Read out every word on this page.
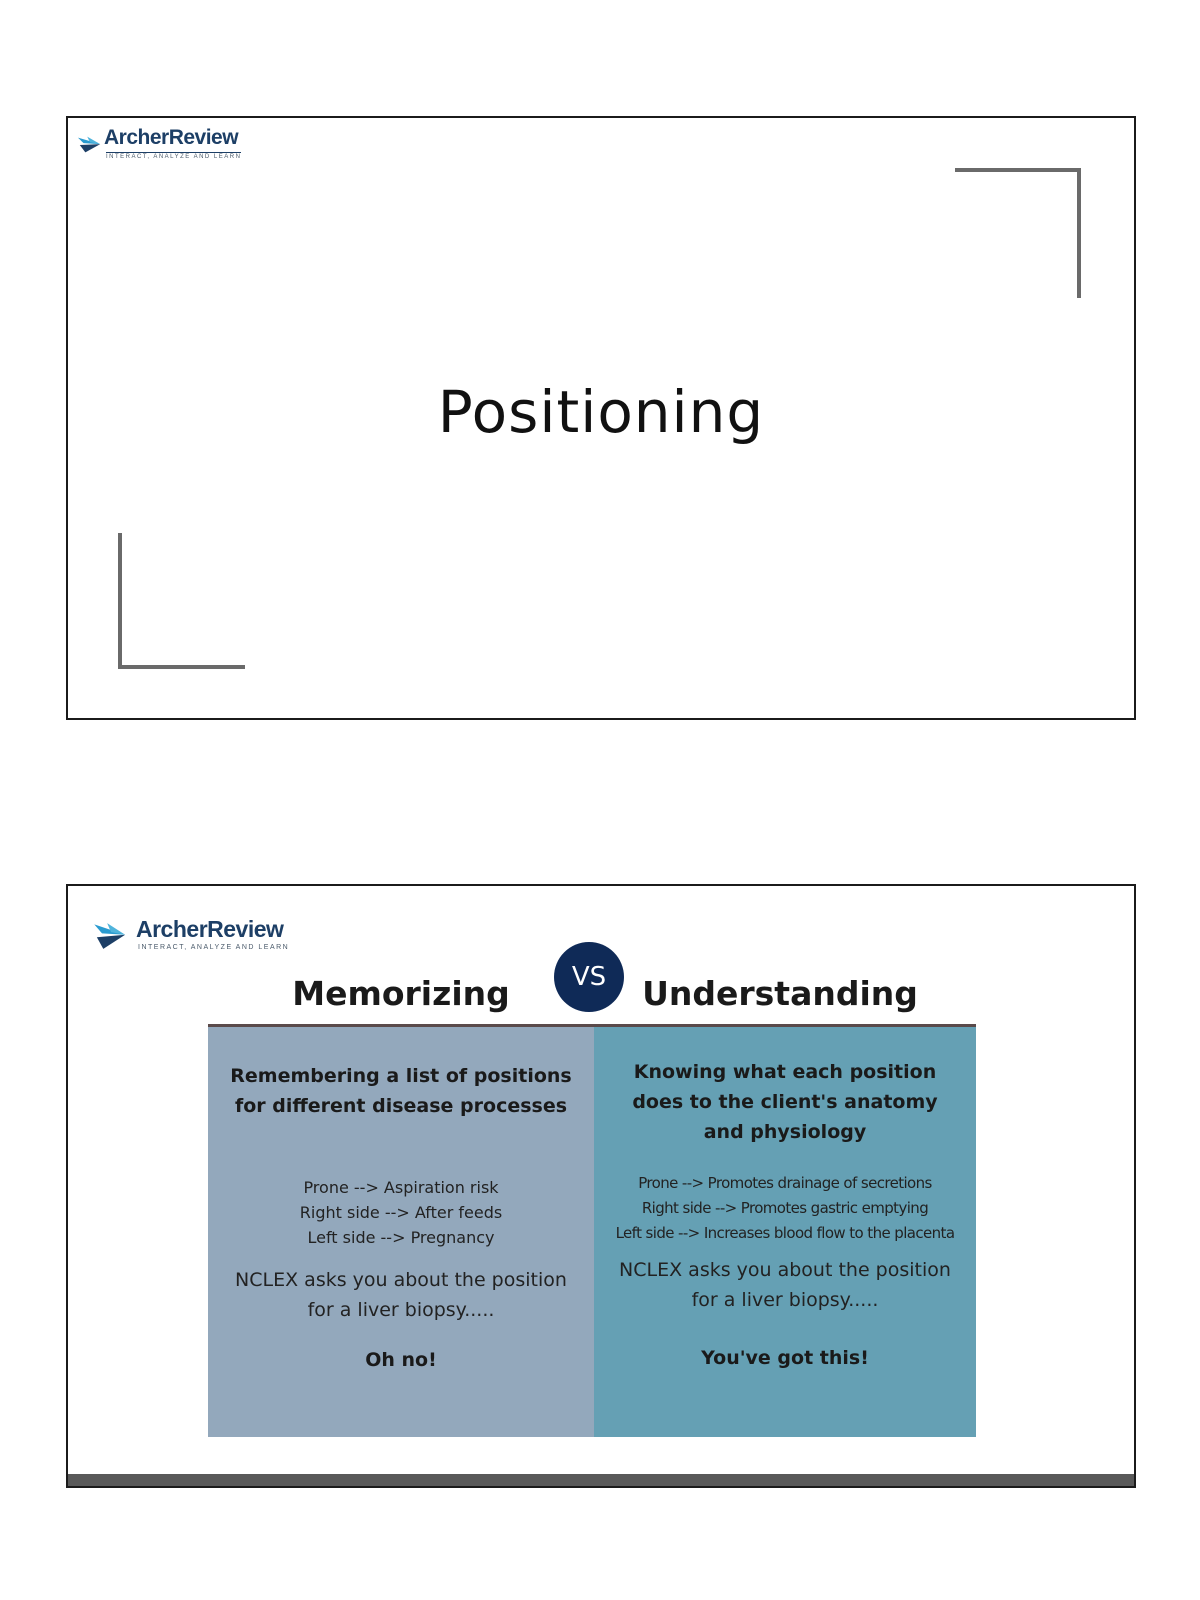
ArcherReview
INTERACT, ANALYZE AND LEARN
Positioning
ArcherReview
INTERACT, ANALYZE AND LEARN
VS
Memorizing	Understanding
Remembering a list of positions for different disease processes
Prone --> Aspiration risk
Right side --> After feeds
Left side --> Pregnancy
NCLEX asks you about the position for a liver biopsy.....
Oh no!
Knowing what each position does to the client's anatomy and physiology
Prone --> Promotes drainage of secretions
Right side --> Promotes gastric emptying
Left side --> Increases blood flow to the placenta
NCLEX asks you about the position for a liver biopsy.....
You've got this!
